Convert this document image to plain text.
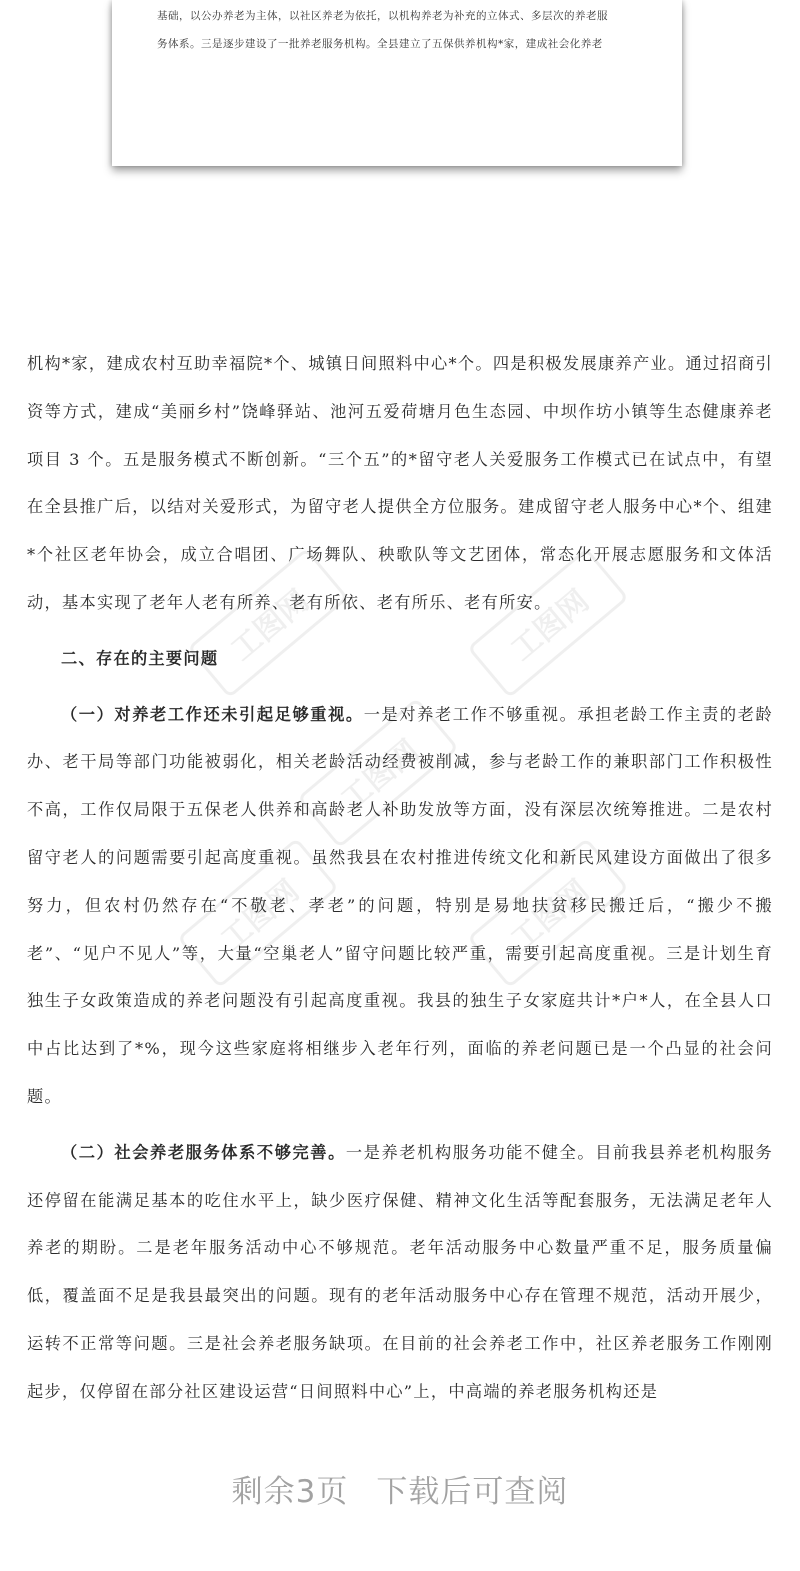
基础，以公办养老为主体，以社区养老为依托，以机构养老为补充的立体式、多层次的养老服

务体系。三是逐步建设了一批养老服务机构。全县建立了五保供养机构*家，建成社会化养老

工图网	工图网
工图网
工图网	工图网

机构*家，建成农村互助幸福院*个、城镇日间照料中心*个。四是积极发展康养产业。通过招商引资等方式，建成“美丽乡村”饶峰驿站、池河五爱荷塘月色生态园、中坝作坊小镇等生态健康养老项目 3 个。五是服务模式不断创新。“三个五”的*留守老人关爱服务工作模式已在试点中，有望在全县推广后，以结对关爱形式，为留守老人提供全方位服务。建成留守老人服务中心*个、组建*个社区老年协会，成立合唱团、广场舞队、秧歌队等文艺团体，常态化开展志愿服务和文体活动，基本实现了老年人老有所养、老有所依、老有所乐、老有所安。

二、存在的主要问题

（一）对养老工作还未引起足够重视。一是对养老工作不够重视。承担老龄工作主责的老龄办、老干局等部门功能被弱化，相关老龄活动经费被削减，参与老龄工作的兼职部门工作积极性不高，工作仅局限于五保老人供养和高龄老人补助发放等方面，没有深层次统筹推进。二是农村留守老人的问题需要引起高度重视。虽然我县在农村推进传统文化和新民风建设方面做出了很多努力，但农村仍然存在“不敬老、孝老”的问题，特别是易地扶贫移民搬迁后，“搬少不搬老”、“见户不见人”等，大量“空巢老人”留守问题比较严重，需要引起高度重视。三是计划生育独生子女政策造成的养老问题没有引起高度重视。我县的独生子女家庭共计*户*人，在全县人口中占比达到了*%，现今这些家庭将相继步入老年行列，面临的养老问题已是一个凸显的社会问题。

（二）社会养老服务体系不够完善。一是养老机构服务功能不健全。目前我县养老机构服务还停留在能满足基本的吃住水平上，缺少医疗保健、精神文化生活等配套服务，无法满足老年人养老的期盼。二是老年服务活动中心不够规范。老年活动服务中心数量严重不足，服务质量偏低，覆盖面不足是我县最突出的问题。现有的老年活动服务中心存在管理不规范，活动开展少，运转不正常等问题。三是社会养老服务缺项。在目前的社会养老工作中，社区养老服务工作刚刚起步，仅停留在部分社区建设运营“日间照料中心”上，中高端的养老服务机构还是

剩余3页 下载后可查阅
